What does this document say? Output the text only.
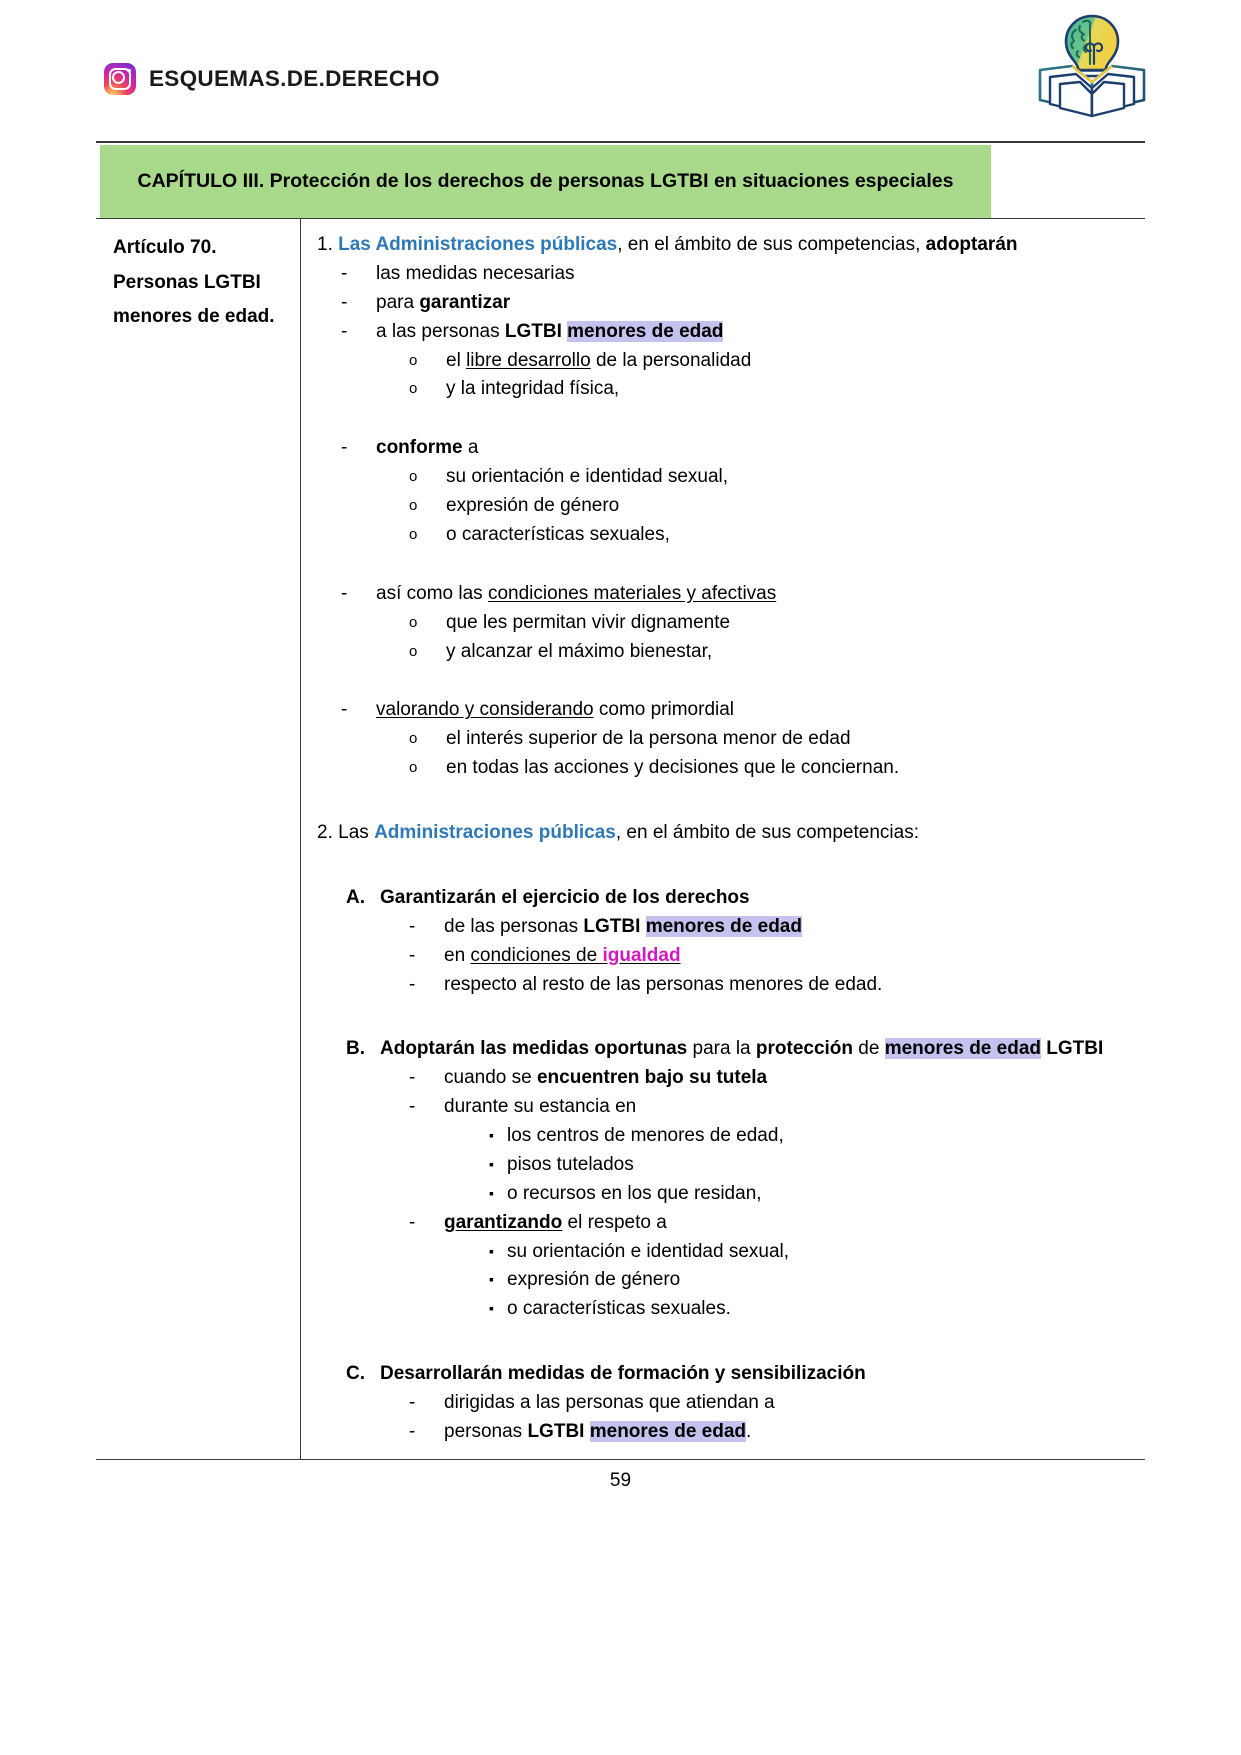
ESQUEMAS.DE.DERECHO
CAPÍTULO III. Protección de los derechos de personas LGTBI en situaciones especiales
Artículo 70.
Personas LGTBI
menores de edad.

1. Las Administraciones públicas, en el ámbito de sus competencias, adoptarán
-	las medidas necesarias
-	para garantizar
-	a las personas LGTBI menores de edad
o	el libre desarrollo de la personalidad
o	y la integridad física,
-	conforme a
o	su orientación e identidad sexual,
o	expresión de género
o	o características sexuales,
-	así como las condiciones materiales y afectivas
o	que les permitan vivir dignamente
o	y alcanzar el máximo bienestar,
-	valorando y considerando como primordial
o	el interés superior de la persona menor de edad
o	en todas las acciones y decisiones que le conciernan.
2. Las Administraciones públicas, en el ámbito de sus competencias:
A. Garantizarán el ejercicio de los derechos
-	de las personas LGTBI menores de edad
-	en condiciones de igualdad
-	respecto al resto de las personas menores de edad.
B. Adoptarán las medidas oportunas para la protección de menores de edad LGTBI
-	cuando se encuentren bajo su tutela
-	durante su estancia en
▪ los centros de menores de edad,
▪ pisos tutelados
▪ o recursos en los que residan,
-	garantizando el respeto a
▪ su orientación e identidad sexual,
▪ expresión de género
▪ o características sexuales.
C. Desarrollarán medidas de formación y sensibilización
-	dirigidas a las personas que atiendan a
-	personas LGTBI menores de edad.
59
